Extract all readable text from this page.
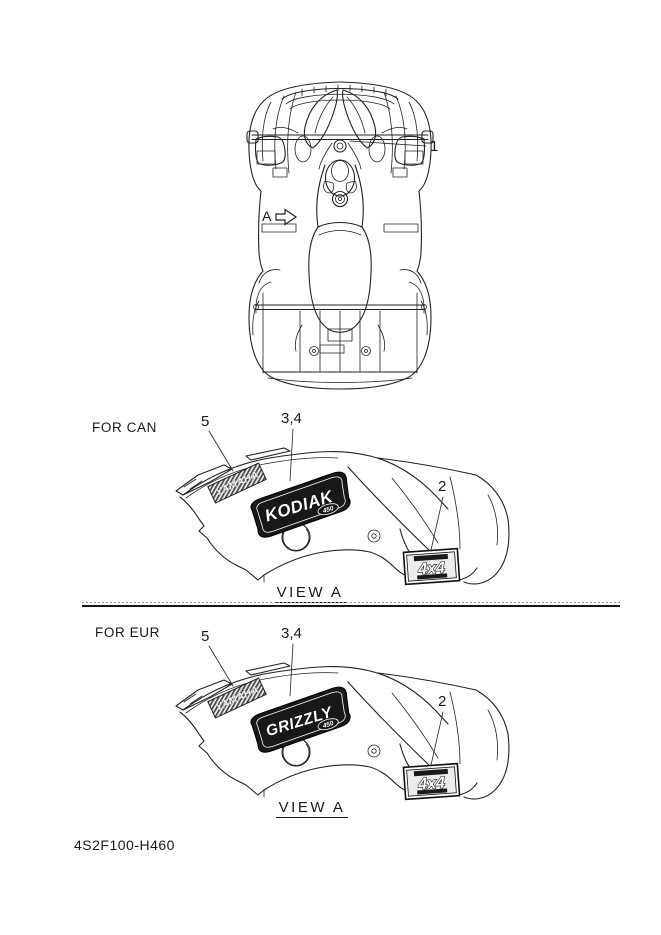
YAMAHA
450
4x4
A
1
FOR CAN
KODIAK
5	3,4
2
VIEW A
FOR EUR
GRIZZLY
5	3,4
2
VIEW A
4S2F100-H460
